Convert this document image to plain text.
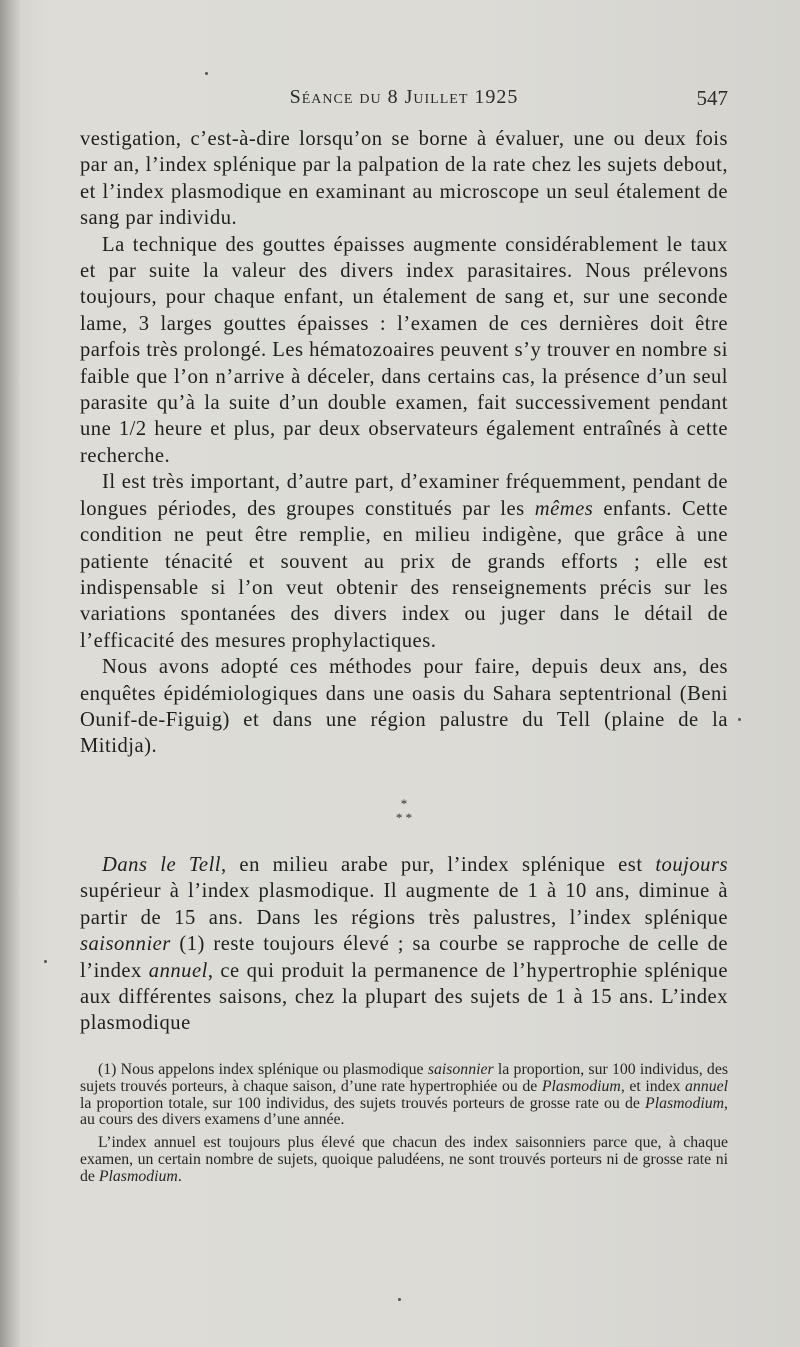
Séance du 8 Juillet 1925	547

vestigation, c’est-à-dire lorsqu’on se borne à évaluer, une ou deux fois par an, l’index splénique par la palpation de la rate chez les sujets debout, et l’index plasmodique en examinant au microscope un seul étalement de sang par individu.

La technique des gouttes épaisses augmente considérablement le taux et par suite la valeur des divers index parasitaires. Nous prélevons toujours, pour chaque enfant, un étalement de sang et, sur une seconde lame, 3 larges gouttes épaisses : l’examen de ces dernières doit être parfois très prolongé. Les hématozoaires peuvent s’y trouver en nombre si faible que l’on n’arrive à déceler, dans certains cas, la présence d’un seul parasite qu’à la suite d’un double examen, fait successivement pendant une 1/2 heure et plus, par deux observateurs également entraînés à cette recherche.

Il est très important, d’autre part, d’examiner fréquemment, pendant de longues périodes, des groupes constitués par les mêmes enfants. Cette condition ne peut être remplie, en milieu indigène, que grâce à une patiente ténacité et souvent au prix de grands efforts ; elle est indispensable si l’on veut obtenir des renseignements précis sur les variations spontanées des divers index ou juger dans le détail de l’efficacité des mesures prophylactiques.

Nous avons adopté ces méthodes pour faire, depuis deux ans, des enquêtes épidémiologiques dans une oasis du Sahara septentrional (Beni Ounif-de-Figuig) et dans une région palustre du Tell (plaine de la Mitidja).

*
* *

Dans le Tell, en milieu arabe pur, l’index splénique est toujours supérieur à l’index plasmodique. Il augmente de 1 à 10 ans, diminue à partir de 15 ans. Dans les régions très palustres, l’index splénique saisonnier (1) reste toujours élevé ; sa courbe se rapproche de celle de l’index annuel, ce qui produit la permanence de l’hypertrophie splénique aux différentes saisons, chez la plupart des sujets de 1 à 15 ans. L’index plasmodique

(1) Nous appelons index splénique ou plasmodique saisonnier la proportion, sur 100 individus, des sujets trouvés porteurs, à chaque saison, d’une rate hypertrophiée ou de Plasmodium, et index annuel la proportion totale, sur 100 individus, des sujets trouvés porteurs de grosse rate ou de Plasmodium, au cours des divers examens d’une année.

L’index annuel est toujours plus élevé que chacun des index saisonniers parce que, à chaque examen, un certain nombre de sujets, quoique paludéens, ne sont trouvés porteurs ni de grosse rate ni de Plasmodium.
